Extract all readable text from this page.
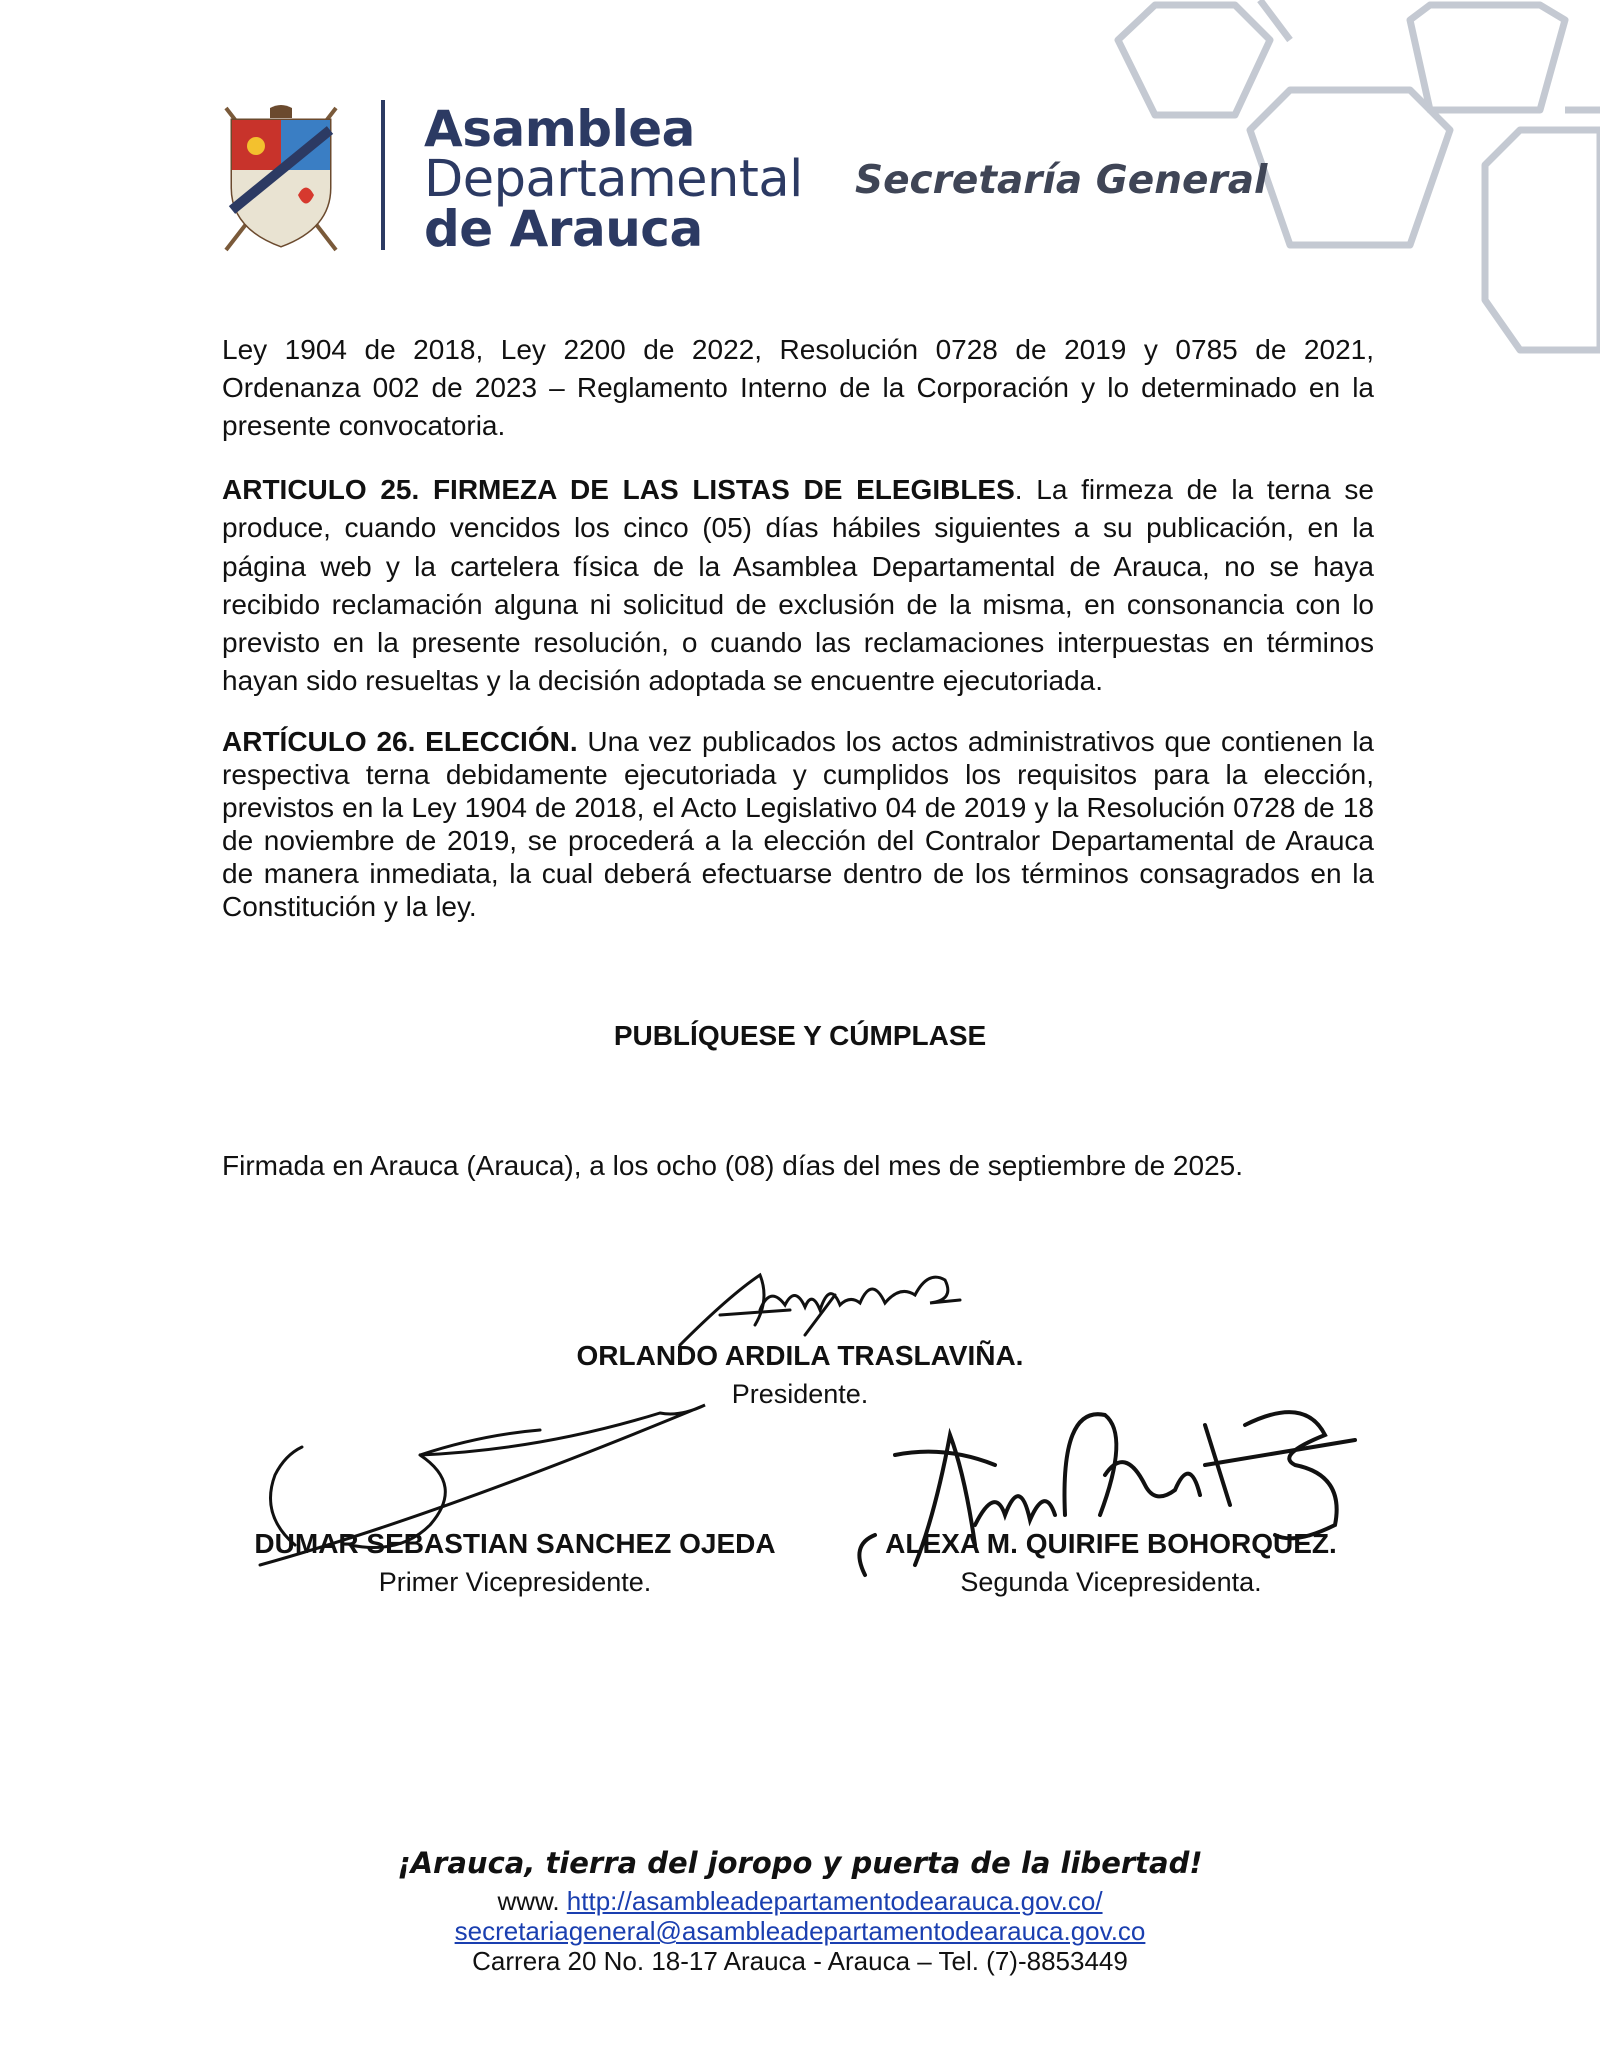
Asamblea
Departamental
de Arauca
Secretaría General
Ley 1904 de 2018, Ley 2200 de 2022, Resolución 0728 de 2019 y 0785 de 2021, Ordenanza 002 de 2023 – Reglamento Interno de la Corporación y lo determinado en la presente convocatoria.
ARTICULO 25. FIRMEZA DE LAS LISTAS DE ELEGIBLES. La firmeza de la terna se produce, cuando vencidos los cinco (05) días hábiles siguientes a su publicación, en la página web y la cartelera física de la Asamblea Departamental de Arauca, no se haya recibido reclamación alguna ni solicitud de exclusión de la misma, en consonancia con lo previsto en la presente resolución, o cuando las reclamaciones interpuestas en términos hayan sido resueltas y la decisión adoptada se encuentre ejecutoriada.
ARTÍCULO 26. ELECCIÓN. Una vez publicados los actos administrativos que contienen la respectiva terna debidamente ejecutoriada y cumplidos los requisitos para la elección, previstos en la Ley 1904 de 2018, el Acto Legislativo 04 de 2019 y la Resolución 0728 de 18 de noviembre de 2019, se procederá a la elección del Contralor Departamental de Arauca de manera inmediata, la cual deberá efectuarse dentro de los términos consagrados en la Constitución y la ley.
PUBLÍQUESE Y CÚMPLASE
Firmada en Arauca (Arauca), a los ocho (08) días del mes de septiembre de 2025.
ORLANDO ARDILA TRASLAVIÑA.
Presidente.
DUMAR SEBASTIAN SANCHEZ OJEDA
Primer Vicepresidente.
ALEXA M. QUIRIFE BOHORQUEZ.
Segunda Vicepresidenta.
¡Arauca, tierra del joropo y puerta de la libertad!
www. http://asambleadepartamentodearauca.gov.co/
secretariageneral@asambleadepartamentodearauca.gov.co
Carrera 20 No. 18-17 Arauca - Arauca – Tel. (7)-8853449
